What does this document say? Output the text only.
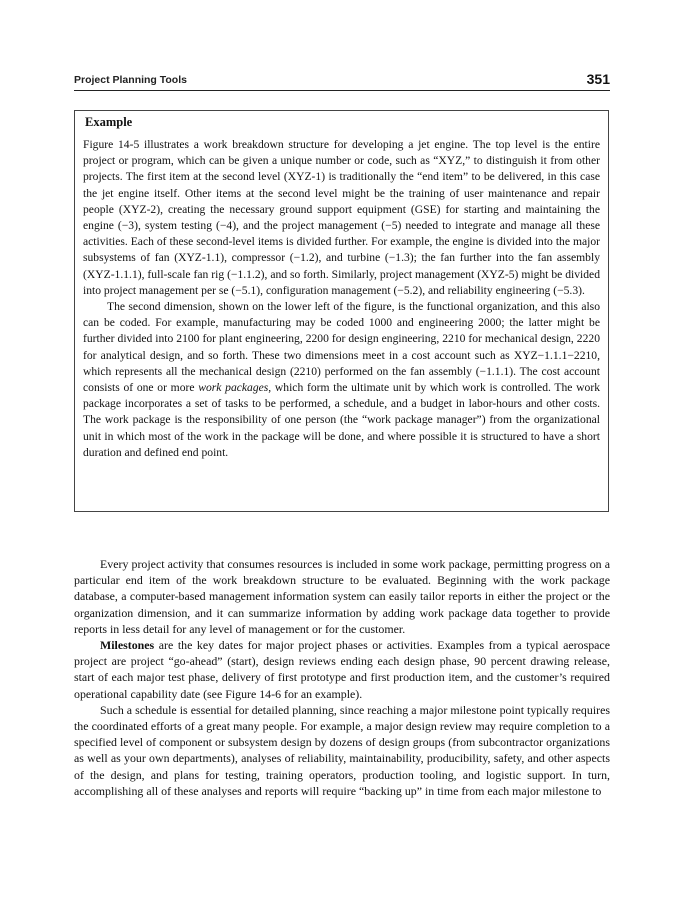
Project Planning Tools	351
Example

Figure 14-5 illustrates a work breakdown structure for developing a jet engine. The top level is the entire project or program, which can be given a unique number or code, such as “XYZ,” to distinguish it from other projects. The first item at the second level (XYZ-1) is traditionally the “end item” to be delivered, in this case the jet engine itself. Other items at the second level might be the training of user maintenance and repair people (XYZ-2), creating the necessary ground support equipment (GSE) for starting and maintaining the engine (−3), system testing (−4), and the project management (−5) needed to integrate and manage all these activities. Each of these second-level items is divided further. For example, the engine is divided into the major subsystems of fan (XYZ-1.1), compressor (−1.2), and turbine (−1.3); the fan further into the fan assembly (XYZ-1.1.1), full-scale fan rig (−1.1.2), and so forth. Similarly, project management (XYZ-5) might be divided into project management per se (−5.1), configuration management (−5.2), and reliability engineering (−5.3).

The second dimension, shown on the lower left of the figure, is the functional organization, and this also can be coded. For example, manufacturing may be coded 1000 and engineering 2000; the latter might be further divided into 2100 for plant engineering, 2200 for design engineering, 2210 for mechanical design, 2220 for analytical design, and so forth. These two dimensions meet in a cost account such as XYZ−1.1.1−2210, which represents all the mechanical design (2210) performed on the fan assembly (−1.1.1). The cost account consists of one or more work packages, which form the ultimate unit by which work is controlled. The work package incorporates a set of tasks to be performed, a schedule, and a budget in labor-hours and other costs. The work package is the responsibility of one person (the “work package manager”) from the organizational unit in which most of the work in the package will be done, and where possible it is structured to have a short duration and defined end point.

Every project activity that consumes resources is included in some work package, permitting progress on a particular end item of the work breakdown structure to be evaluated. Beginning with the work package database, a computer-based management information system can easily tailor reports in either the project or the organization dimension, and it can summarize information by adding work package data together to provide reports in less detail for any level of management or for the customer.

Milestones are the key dates for major project phases or activities. Examples from a typical aerospace project are project “go-ahead” (start), design reviews ending each design phase, 90 percent drawing release, start of each major test phase, delivery of first prototype and first production item, and the customer’s required operational capability date (see Figure 14-6 for an example).

Such a schedule is essential for detailed planning, since reaching a major milestone point typically requires the coordinated efforts of a great many people. For example, a major design review may require completion to a specified level of component or subsystem design by dozens of design groups (from subcontractor organizations as well as your own departments), analyses of reliability, maintainability, producibility, safety, and other aspects of the design, and plans for testing, training operators, production tooling, and logistic support. In turn, accomplishing all of these analyses and reports will require “backing up” in time from each major milestone to
